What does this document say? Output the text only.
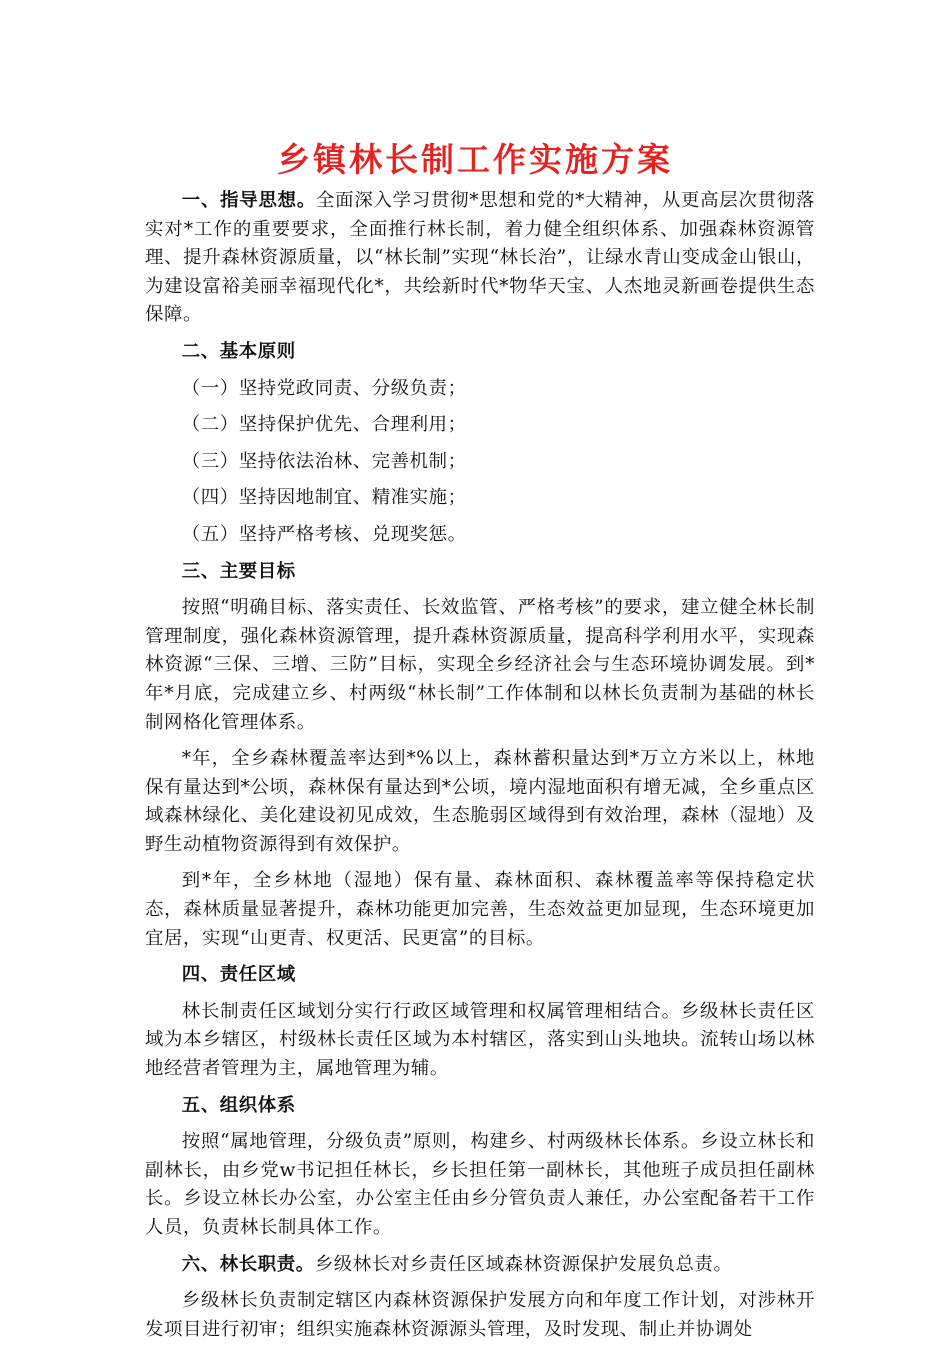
乡镇林长制工作实施方案

一、指导思想。全面深入学习贯彻*思想和党的*大精神，从更高层次贯彻落实对*工作的重要要求，全面推行林长制，着力健全组织体系、加强森林资源管理、提升森林资源质量，以“林长制”实现“林长治”，让绿水青山变成金山银山，为建设富裕美丽幸福现代化*，共绘新时代*物华天宝、人杰地灵新画卷提供生态保障。

二、基本原则

（一）坚持党政同责、分级负责；

（二）坚持保护优先、合理利用；

（三）坚持依法治林、完善机制；

（四）坚持因地制宜、精准实施；

（五）坚持严格考核、兑现奖惩。

三、主要目标

按照“明确目标、落实责任、长效监管、严格考核”的要求，建立健全林长制管理制度，强化森林资源管理，提升森林资源质量，提高科学利用水平，实现森林资源“三保、三增、三防”目标，实现全乡经济社会与生态环境协调发展。到*年*月底，完成建立乡、村两级“林长制”工作体制和以林长负责制为基础的林长制网格化管理体系。

*年，全乡森林覆盖率达到*%以上，森林蓄积量达到*万立方米以上，林地保有量达到*公顷，森林保有量达到*公顷，境内湿地面积有增无减，全乡重点区域森林绿化、美化建设初见成效，生态脆弱区域得到有效治理，森林（湿地）及野生动植物资源得到有效保护。

到*年，全乡林地（湿地）保有量、森林面积、森林覆盖率等保持稳定状态，森林质量显著提升，森林功能更加完善，生态效益更加显现，生态环境更加宜居，实现“山更青、权更活、民更富”的目标。

四、责任区域

林长制责任区域划分实行行政区域管理和权属管理相结合。乡级林长责任区域为本乡辖区，村级林长责任区域为本村辖区，落实到山头地块。流转山场以林地经营者管理为主，属地管理为辅。

五、组织体系

按照“属地管理，分级负责”原则，构建乡、村两级林长体系。乡设立林长和副林长，由乡党w书记担任林长，乡长担任第一副林长，其他班子成员担任副林长。乡设立林长办公室，办公室主任由乡分管负责人兼任，办公室配备若干工作人员，负责林长制具体工作。

六、林长职责。乡级林长对乡责任区域森林资源保护发展负总责。

乡级林长负责制定辖区内森林资源保护发展方向和年度工作计划，对涉林开发项目进行初审；组织实施森林资源源头管理，及时发现、制止并协调处
